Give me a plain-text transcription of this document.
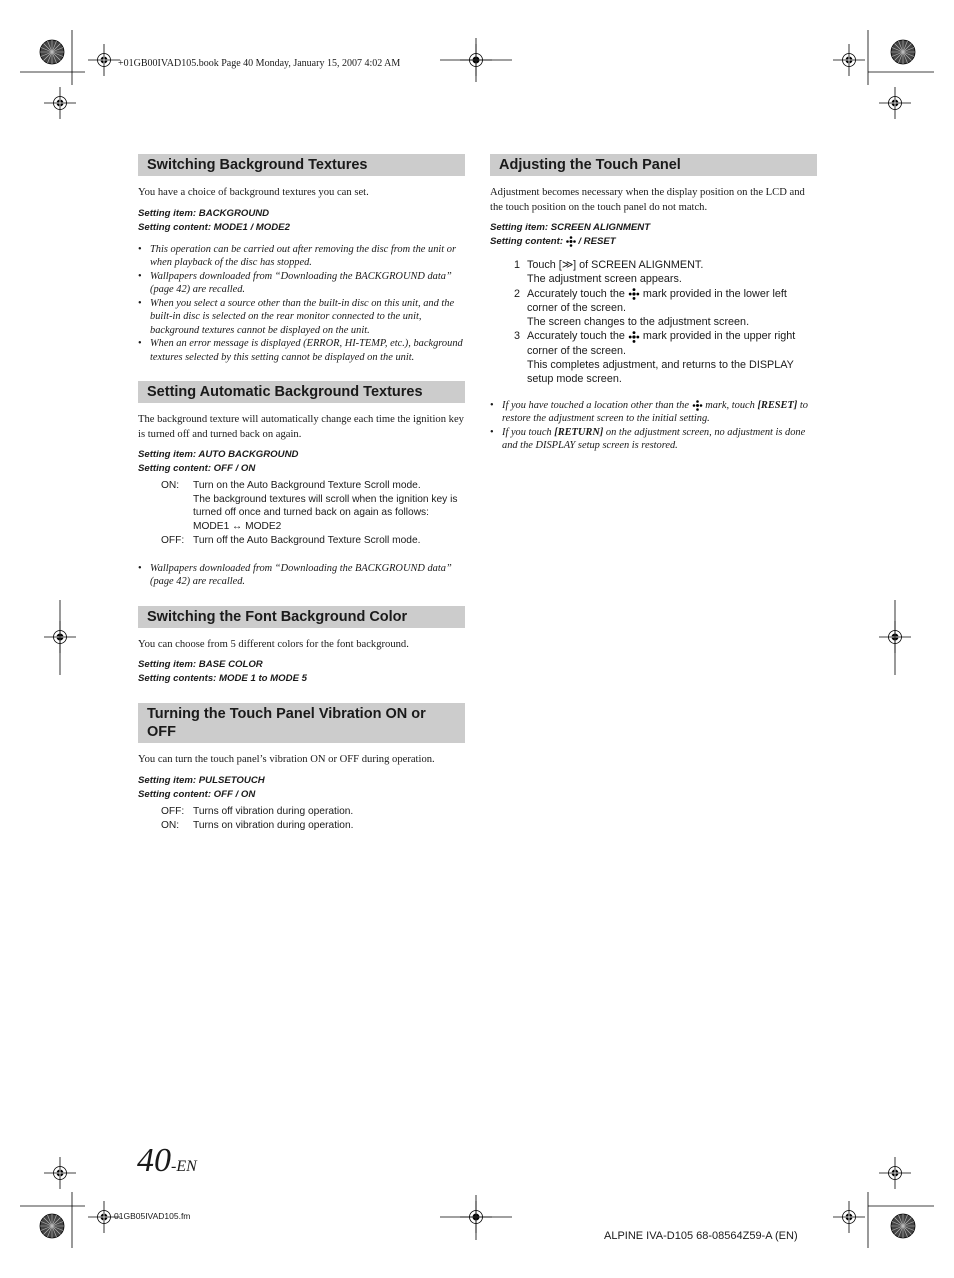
+01GB00IVAD105.book Page 40 Monday, January 15, 2007 4:02 AM
Switching Background Textures

You have a choice of background textures you can set.

Setting item: BACKGROUND

Setting content: MODE1 / MODE2

• This operation can be carried out after removing the disc from the unit or when playback of the disc has stopped.
• Wallpapers downloaded from “Downloading the BACKGROUND data” (page 42) are recalled.
• When you select a source other than the built-in disc on this unit, and the built-in disc is selected on the rear monitor connected to the unit, background textures cannot be displayed on the unit.
• When an error message is displayed (ERROR, HI-TEMP, etc.), background textures selected by this setting cannot be displayed on the unit.
Setting Automatic Background Textures

The background texture will automatically change each time the ignition key is turned off and turned back on again.

Setting item: AUTO BACKGROUND

Setting content: OFF / ON

ON:	Turn on the Auto Background Texture Scroll mode.
The background textures will scroll when the ignition key is turned off once and turned back on again as follows:
MODE1 ↔ MODE2
OFF: Turn off the Auto Background Texture Scroll mode.
• Wallpapers downloaded from “Downloading the BACKGROUND data” (page 42) are recalled.
Switching the Font Background Color

You can choose from 5 different colors for the font background.

Setting item: BASE COLOR

Setting contents: MODE 1 to MODE 5

Turning the Touch Panel Vibration ON or OFF

You can turn the touch panel’s vibration ON or OFF during operation.

Setting item: PULSETOUCH

Setting content: OFF / ON

OFF: Turns off vibration during operation.
ON:	Turns on vibration during operation.
Adjusting the Touch Panel

Adjustment becomes necessary when the display position on the LCD and the touch position on the touch panel do not match.

Setting item: SCREEN ALIGNMENT

Setting content:  / RESET

1 Touch [≫] of SCREEN ALIGNMENT.
The adjustment screen appears.
2 Accurately touch the  mark provided in the lower left corner of the screen.
The screen changes to the adjustment screen.
3 Accurately touch the  mark provided in the upper right corner of the screen.
This completes adjustment, and returns to the DISPLAY setup mode screen.
• If you have touched a location other than the  mark, touch [RESET] to restore the adjustment screen to the initial setting.
• If you touch [RETURN] on the adjustment screen, no adjustment is done and the DISPLAY setup screen is restored.
40-EN
01GB05IVAD105.fm
ALPINE IVA-D105 68-08564Z59-A (EN)
